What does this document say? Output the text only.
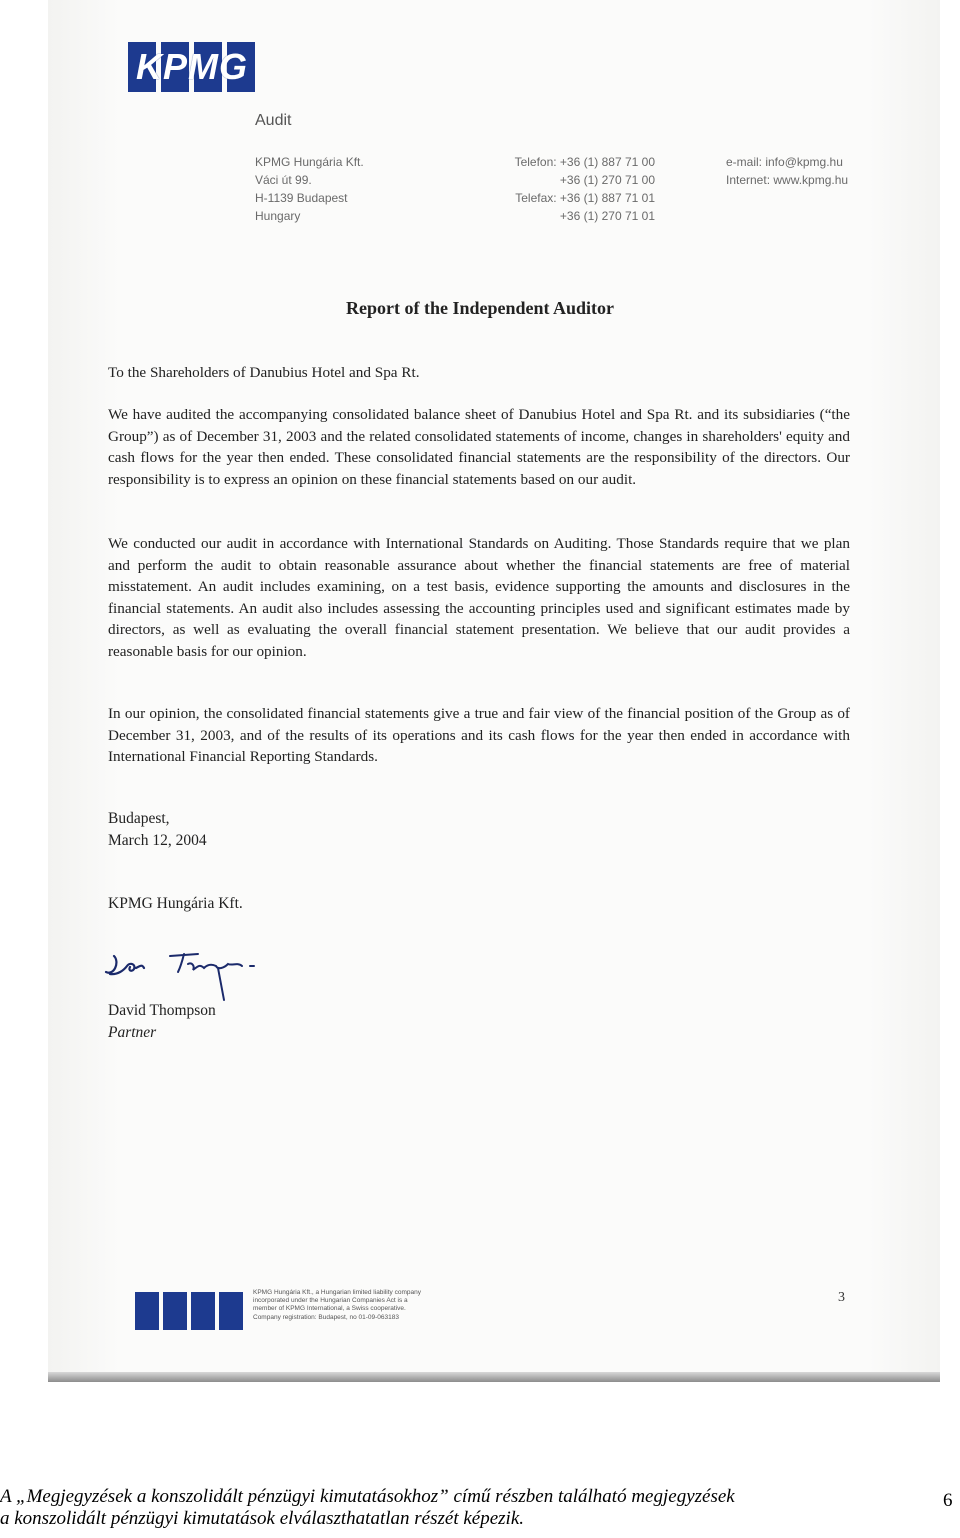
KPMG
Audit
KPMG Hungária Kft.
Váci út 99.
H-1139 Budapest
Hungary
Telefon: +36 (1) 887 71 00
+36 (1) 270 71 00
Telefax: +36 (1) 887 71 01
+36 (1) 270 71 01
e-mail: info@kpmg.hu
Internet: www.kpmg.hu
Report of the Independent Auditor
To the Shareholders of Danubius Hotel and Spa Rt.
We have audited the accompanying consolidated balance sheet of Danubius Hotel and Spa Rt. and its subsidiaries (“the Group”) as of December 31, 2003 and the related consolidated statements of income, changes in shareholders' equity and cash flows for the year then ended. These consolidated financial statements are the responsibility of the directors. Our responsibility is to express an opinion on these financial statements based on our audit.
We conducted our audit in accordance with International Standards on Auditing. Those Standards require that we plan and perform the audit to obtain reasonable assurance about whether the financial statements are free of material misstatement. An audit includes examining, on a test basis, evidence supporting the amounts and disclosures in the financial statements. An audit also includes assessing the accounting principles used and significant estimates made by directors, as well as evaluating the overall financial statement presentation. We believe that our audit provides a reasonable basis for our opinion.
In our opinion, the consolidated financial statements give a true and fair view of the financial position of the Group as of December 31, 2003, and of the results of its operations and its cash flows for the year then ended in accordance with International Financial Reporting Standards.
Budapest,
March 12, 2004
KPMG Hungária Kft.
David Thompson
Partner
KPMG Hungária Kft., a Hungarian limited liability company
incorporated under the Hungarian Companies Act is a
member of KPMG International, a Swiss cooperative.
Company registration: Budapest, no 01-09-063183
3
A „Megjegyzések a konszolidált pénzügyi kimutatásokhoz” című részben található megjegyzések
a konszolidált pénzügyi kimutatások elválaszthatatlan részét képezik.
6
